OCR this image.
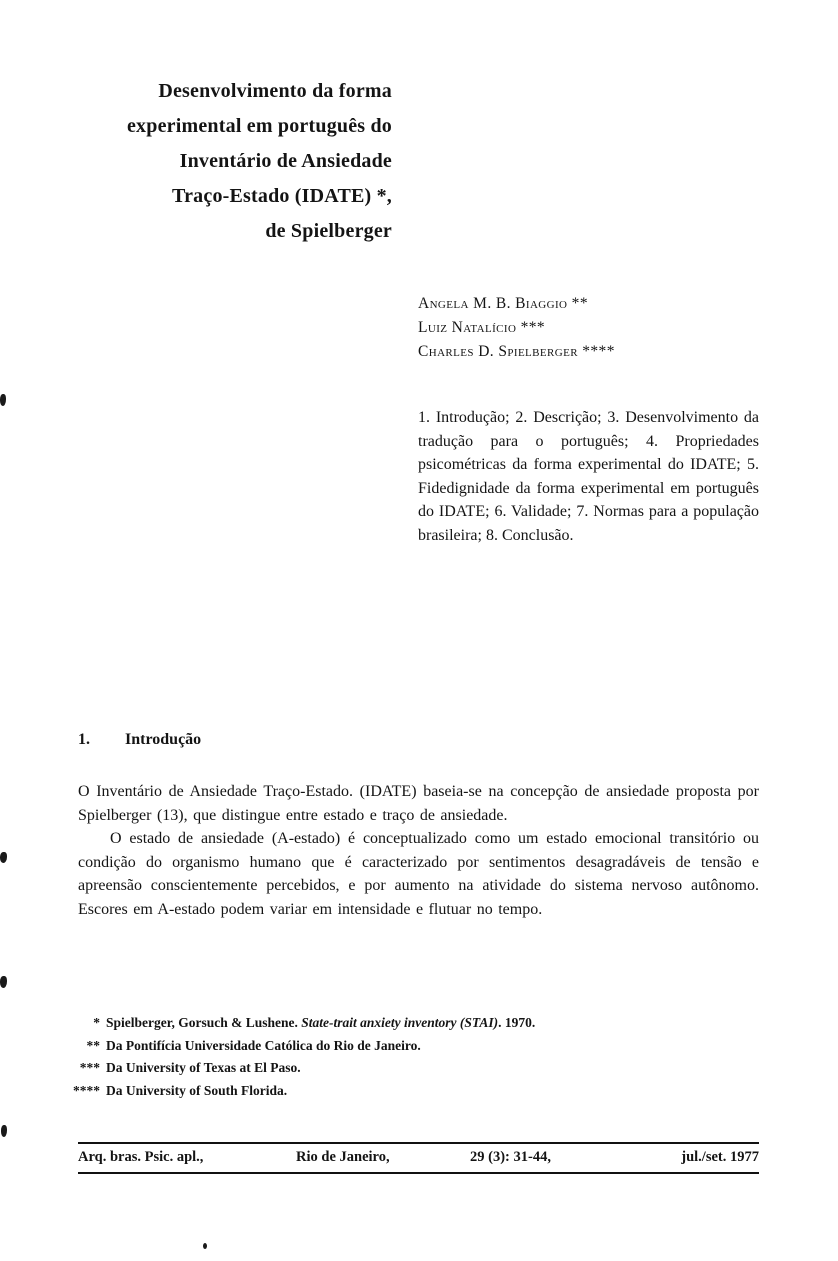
Desenvolvimento da forma
experimental em português do
Inventário de Ansiedade
Traço-Estado (IDATE) *,
de Spielberger
Angela M. B. Biaggio **
Luiz Natalício ***
Charles D. Spielberger ****
1. Introdução; 2. Descrição; 3. Desenvolvimento da tradução para o português; 4. Propriedades psicométricas da forma experimental do IDATE; 5. Fidedignidade da forma experimental em português do IDATE; 6. Validade; 7. Normas para a população brasileira; 8. Conclusão.
1.	Introdução

O Inventário de Ansiedade Traço-Estado. (IDATE) baseia-se na concepção de ansiedade proposta por Spielberger (13), que distingue entre estado e traço de ansiedade.

O estado de ansiedade (A-estado) é conceptualizado como um estado emocional transitório ou condição do organismo humano que é caracterizado por sentimentos desagradáveis de tensão e apreensão conscientemente percebidos, e por aumento na atividade do sistema nervoso autônomo. Escores em A-estado podem variar em intensidade e flutuar no tempo.

* Spielberger, Gorsuch & Lushene. State-trait anxiety inventory (STAI). 1970.
** Da Pontifícia Universidade Católica do Rio de Janeiro.
*** Da University of Texas at El Paso.
**** Da University of South Florida.
Arq. bras. Psic. apl.,	Rio de Janeiro,	29 (3): 31-44,	jul./set. 1977
